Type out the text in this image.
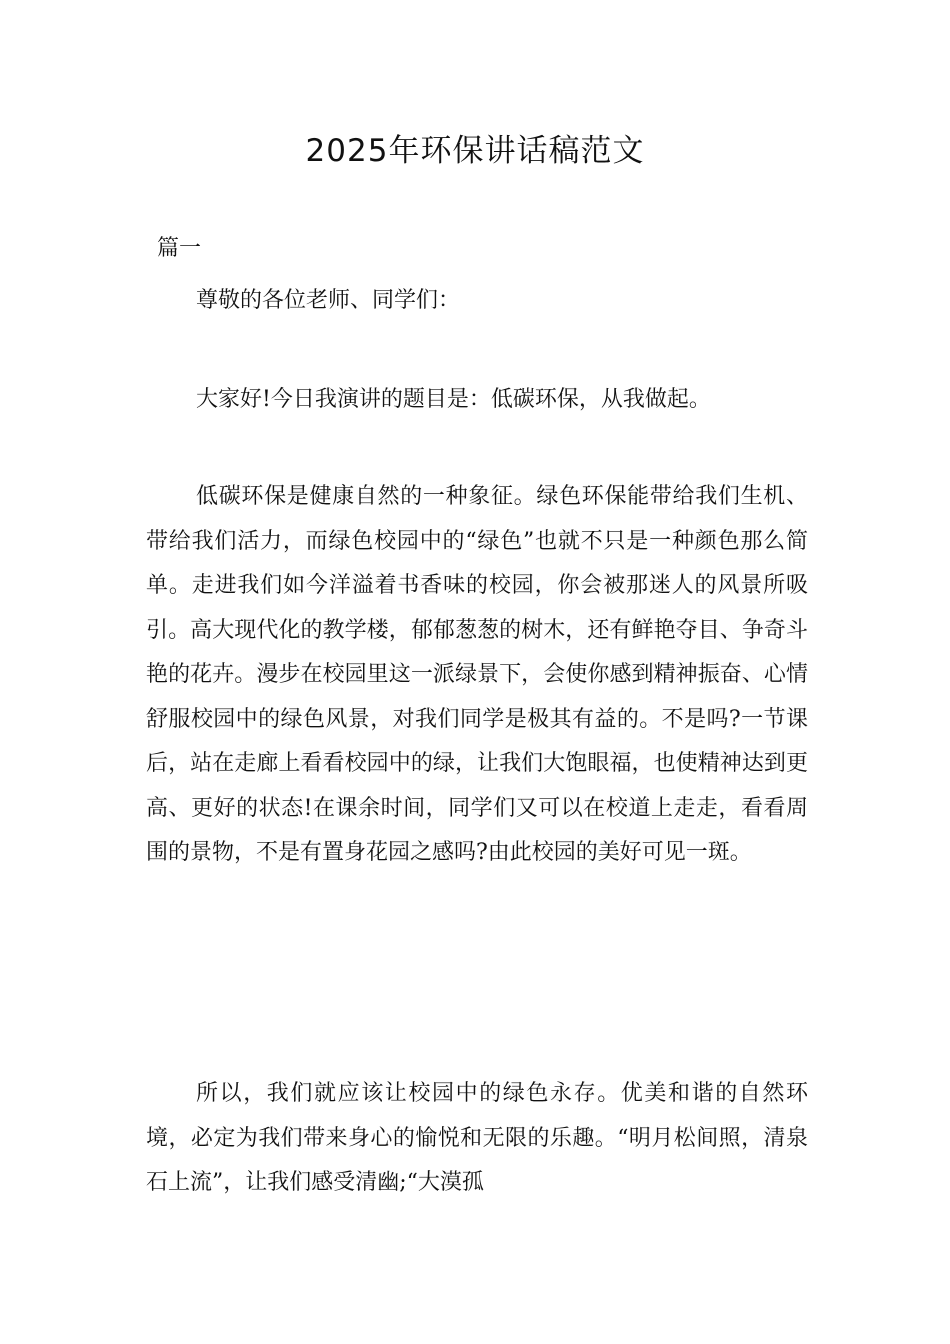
2025年环保讲话稿范文
篇一
尊敬的各位老师、同学们：

大家好!今日我演讲的题目是：低碳环保，从我做起。

低碳环保是健康自然的一种象征。绿色环保能带给我们生机、带给我们活力，而绿色校园中的“绿色”也就不只是一种颜色那么简单。走进我们如今洋溢着书香味的校园，你会被那迷人的风景所吸引。高大现代化的教学楼，郁郁葱葱的树木，还有鲜艳夺目、争奇斗艳的花卉。漫步在校园里这一派绿景下，会使你感到精神振奋、心情舒服校园中的绿色风景，对我们同学是极其有益的。不是吗?一节课后，站在走廊上看看校园中的绿，让我们大饱眼福，也使精神达到更高、更好的状态!在课余时间，同学们又可以在校道上走走，看看周围的景物，不是有置身花园之感吗?由此校园的美好可见一斑。

所以，我们就应该让校园中的绿色永存。优美和谐的自然环境，必定为我们带来身心的愉悦和无限的乐趣。“明月松间照，清泉石上流”，让我们感受清幽;“大漠孤
